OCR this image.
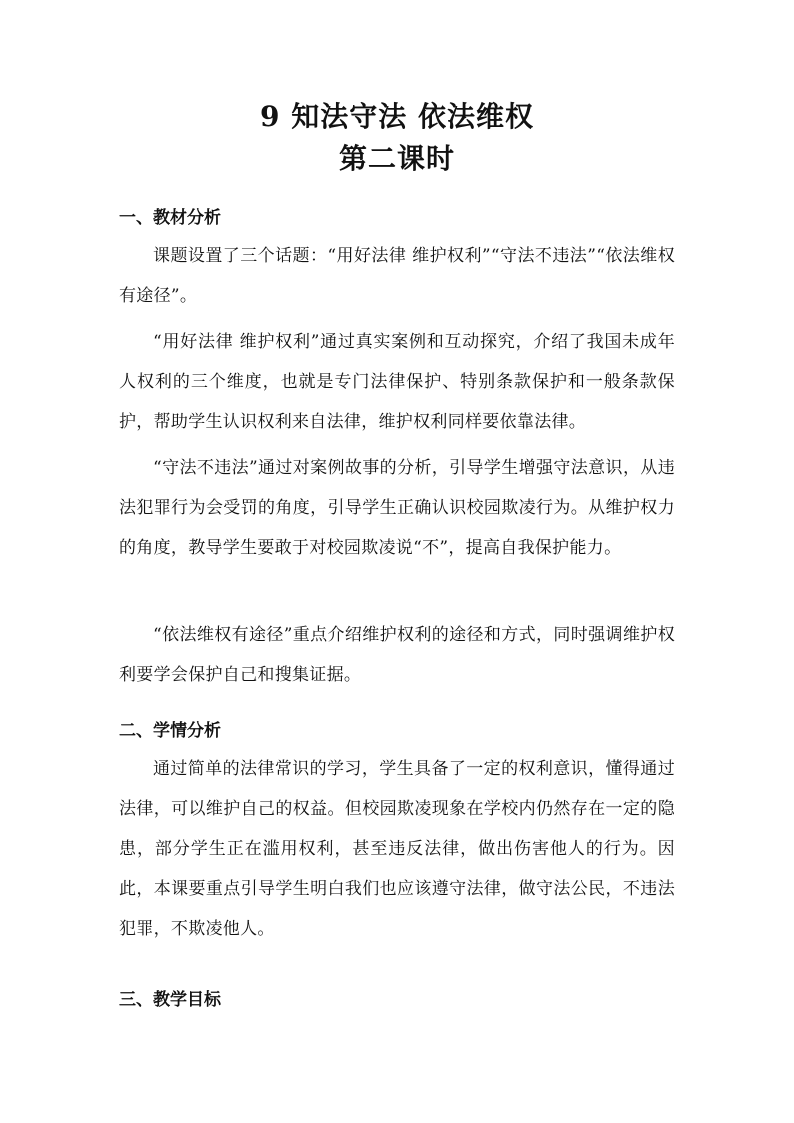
9 知法守法 依法维权
第二课时
一、教材分析
课题设置了三个话题：“用好法律 维护权利”“守法不违法”“依法维权有途径”。
“用好法律 维护权利”通过真实案例和互动探究，介绍了我国未成年人权利的三个维度，也就是专门法律保护、特别条款保护和一般条款保护，帮助学生认识权利来自法律，维护权利同样要依靠法律。
“守法不违法”通过对案例故事的分析，引导学生增强守法意识，从违法犯罪行为会受罚的角度，引导学生正确认识校园欺凌行为。从维护权力的角度，教导学生要敢于对校园欺凌说“不”，提高自我保护能力。
“依法维权有途径”重点介绍维护权利的途径和方式，同时强调维护权利要学会保护自己和搜集证据。
二、学情分析
通过简单的法律常识的学习，学生具备了一定的权利意识，懂得通过法律，可以维护自己的权益。但校园欺凌现象在学校内仍然存在一定的隐患，部分学生正在滥用权利，甚至违反法律，做出伤害他人的行为。因此，本课要重点引导学生明白我们也应该遵守法律，做守法公民，不违法犯罪，不欺凌他人。
三、教学目标
